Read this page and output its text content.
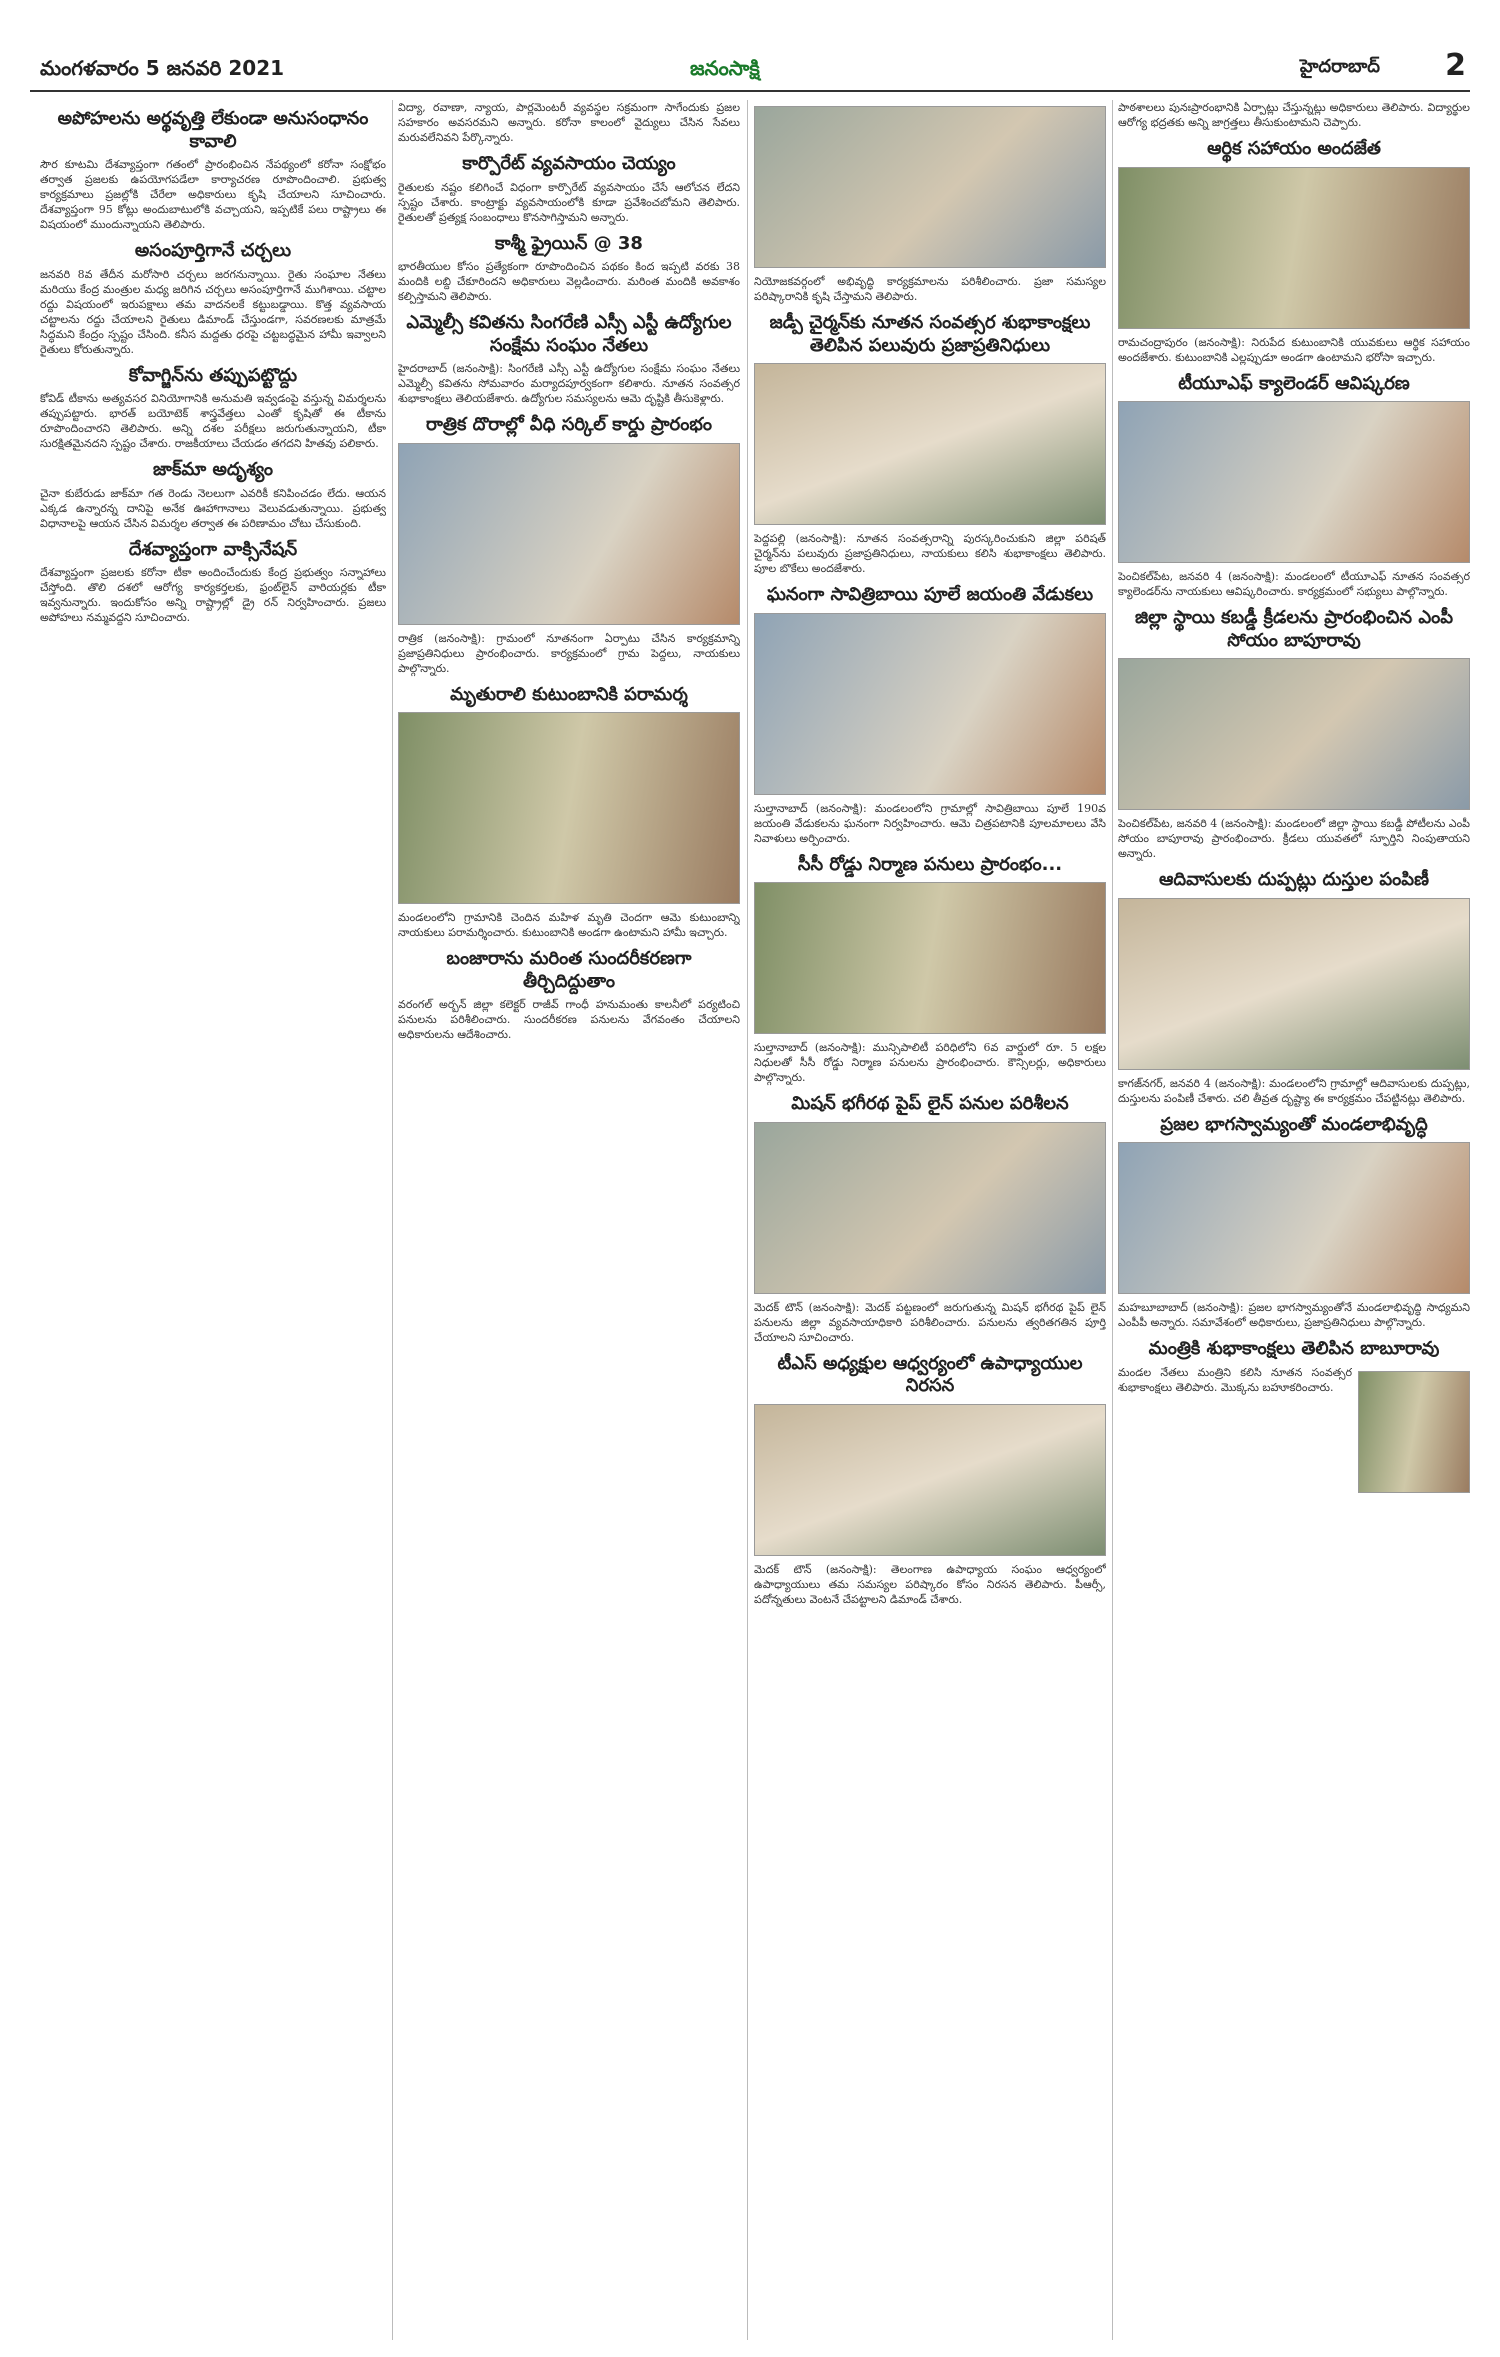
మంగళవారం 5 జనవరి 2021	జనంసాక్షి	హైదరాబాద్ 2
అపోహలను అర్థవృత్తి లేకుండా అనుసంధానం కావాలి
సౌర కూటమి దేశవ్యాప్తంగా గతంలో ప్రారంభించిన నేపథ్యంలో కరోనా సంక్షోభం తర్వాత ప్రజలకు ఉపయోగపడేలా కార్యాచరణ రూపొందించాలి. ప్రభుత్వ కార్యక్రమాలు ప్రజల్లోకి చేరేలా అధికారులు కృషి చేయాలని సూచించారు. దేశవ్యాప్తంగా 95 కోట్లు అందుబాటులోకి వచ్చాయని, ఇప్పటికే పలు రాష్ట్రాలు ఈ విషయంలో ముందున్నాయని తెలిపారు.
అసంపూర్తిగానే చర్చలు
జనవరి 8వ తేదీన మరోసారి చర్చలు జరగనున్నాయి. రైతు సంఘాల నేతలు మరియు కేంద్ర మంత్రుల మధ్య జరిగిన చర్చలు అసంపూర్తిగానే ముగిశాయి. చట్టాల రద్దు విషయంలో ఇరుపక్షాలు తమ వాదనలకే కట్టుబడ్డాయి. కొత్త వ్యవసాయ చట్టాలను రద్దు చేయాలని రైతులు డిమాండ్ చేస్తుండగా, సవరణలకు మాత్రమే సిద్ధమని కేంద్రం స్పష్టం చేసింది. కనీస మద్దతు ధరపై చట్టబద్ధమైన హామీ ఇవ్వాలని రైతులు కోరుతున్నారు.
కోవాగ్జిన్‌ను తప్పుపట్టొద్దు
కోవిడ్ టీకాను అత్యవసర వినియోగానికి అనుమతి ఇవ్వడంపై వస్తున్న విమర్శలను తప్పుపట్టారు. భారత్ బయోటెక్ శాస్త్రవేత్తలు ఎంతో కృషితో ఈ టీకాను రూపొందించారని తెలిపారు. అన్ని దశల పరీక్షలు జరుగుతున్నాయని, టీకా సురక్షితమైనదని స్పష్టం చేశారు. రాజకీయాలు చేయడం తగదని హితవు పలికారు.
జాక్‌మా అదృశ్యం
చైనా కుబేరుడు జాక్‌మా గత రెండు నెలలుగా ఎవరికీ కనిపించడం లేదు. ఆయన ఎక్కడ ఉన్నారన్న దానిపై అనేక ఊహాగానాలు వెలువడుతున్నాయి. ప్రభుత్వ విధానాలపై ఆయన చేసిన విమర్శల తర్వాత ఈ పరిణామం చోటు చేసుకుంది.
దేశవ్యాప్తంగా వాక్సినేషన్
దేశవ్యాప్తంగా ప్రజలకు కరోనా టీకా అందించేందుకు కేంద్ర ప్రభుత్వం సన్నాహాలు చేస్తోంది. తొలి దశలో ఆరోగ్య కార్యకర్తలకు, ఫ్రంట్‌లైన్ వారియర్లకు టీకా ఇవ్వనున్నారు. ఇందుకోసం అన్ని రాష్ట్రాల్లో డ్రై రన్ నిర్వహించారు. ప్రజలు అపోహలు నమ్మవద్దని సూచించారు.
విద్యా, రవాణా, న్యాయ, పార్లమెంటరీ వ్యవస్థల సక్రమంగా సాగేందుకు ప్రజల సహకారం అవసరమని అన్నారు. కరోనా కాలంలో వైద్యులు చేసిన సేవలు మరువలేనివని పేర్కొన్నారు.
కార్పొరేట్ వ్యవసాయం చెయ్యం
రైతులకు నష్టం కలిగించే విధంగా కార్పొరేట్ వ్యవసాయం చేసే ఆలోచన లేదని స్పష్టం చేశారు. కాంట్రాక్టు వ్యవసాయంలోకి కూడా ప్రవేశించబోమని తెలిపారు. రైతులతో ప్రత్యక్ష సంబంధాలు కొనసాగిస్తామని అన్నారు.
కాశ్మీ ఫ్రైయిన్ @ 38
భారతీయుల కోసం ప్రత్యేకంగా రూపొందించిన పథకం కింద ఇప్పటి వరకు 38 మందికి లబ్ది చేకూరిందని అధికారులు వెల్లడించారు. మరింత మందికి అవకాశం కల్పిస్తామని తెలిపారు.
ఎమ్మెల్సీ కవితను సింగరేణి ఎస్సీ ఎస్టీ ఉద్యోగుల సంక్షేమ సంఘం నేతలు
హైదరాబాద్ (జనంసాక్షి): సింగరేణి ఎస్సీ ఎస్టీ ఉద్యోగుల సంక్షేమ సంఘం నేతలు ఎమ్మెల్సీ కవితను సోమవారం మర్యాదపూర్వకంగా కలిశారు. నూతన సంవత్సర శుభాకాంక్షలు తెలియజేశారు. ఉద్యోగుల సమస్యలను ఆమె దృష్టికి తీసుకెళ్లారు.
రాత్రిక దొరాల్లో వీధి సర్కిల్ కార్డు ప్రారంభం
రాత్రిక (జనంసాక్షి): గ్రామంలో నూతనంగా ఏర్పాటు చేసిన కార్యక్రమాన్ని ప్రజాప్రతినిధులు ప్రారంభించారు. కార్యక్రమంలో గ్రామ పెద్దలు, నాయకులు పాల్గొన్నారు.
మృతురాలి కుటుంబానికి పరామర్శ
మండలంలోని గ్రామానికి చెందిన మహిళ మృతి చెందగా ఆమె కుటుంబాన్ని నాయకులు పరామర్శించారు. కుటుంబానికి అండగా ఉంటామని హామీ ఇచ్చారు.
బంజారాను మరింత సుందరీకరణగా తీర్చిదిద్దుతాం
వరంగల్ అర్బన్ జిల్లా కలెక్టర్ రాజీవ్ గాంధీ హనుమంతు కాలనీలో పర్యటించి పనులను పరిశీలించారు. సుందరీకరణ పనులను వేగవంతం చేయాలని అధికారులను ఆదేశించారు.
నియోజకవర్గంలో అభివృద్ధి కార్యక్రమాలను పరిశీలించారు. ప్రజా సమస్యల పరిష్కారానికి కృషి చేస్తామని తెలిపారు.
జడ్పీ చైర్మన్‌కు నూతన సంవత్సర శుభాకాంక్షలు తెలిపిన పలువురు ప్రజాప్రతినిధులు
పెద్దపల్లి (జనంసాక్షి): నూతన సంవత్సరాన్ని పురస్కరించుకుని జిల్లా పరిషత్ చైర్మన్‌ను పలువురు ప్రజాప్రతినిధులు, నాయకులు కలిసి శుభాకాంక్షలు తెలిపారు. పూల బొకేలు అందజేశారు.
ఘనంగా సావిత్రిబాయి పూలే జయంతి వేడుకలు
సుల్తానాబాద్ (జనంసాక్షి): మండలంలోని గ్రామాల్లో సావిత్రిబాయి పూలే 190వ జయంతి వేడుకలను ఘనంగా నిర్వహించారు. ఆమె చిత్రపటానికి పూలమాలలు వేసి నివాళులు అర్పించారు.
సీసీ రోడ్డు నిర్మాణ పనులు ప్రారంభం...
సుల్తానాబాద్ (జనంసాక్షి): మున్సిపాలిటీ పరిధిలోని 6వ వార్డులో రూ. 5 లక్షల నిధులతో సీసీ రోడ్డు నిర్మాణ పనులను ప్రారంభించారు. కౌన్సిలర్లు, అధికారులు పాల్గొన్నారు.
మిషన్ భగీరథ పైప్ లైన్ పనుల పరిశీలన
మెదక్ టౌన్ (జనంసాక్షి): మెదక్ పట్టణంలో జరుగుతున్న మిషన్ భగీరథ పైప్ లైన్ పనులను జిల్లా వ్యవసాయాధికారి పరిశీలించారు. పనులను త్వరితగతిన పూర్తి చేయాలని సూచించారు.
టీఎస్ అధ్యక్షుల ఆధ్వర్యంలో ఉపాధ్యాయుల నిరసన
మెదక్ టౌన్ (జనంసాక్షి): తెలంగాణ ఉపాధ్యాయ సంఘం ఆధ్వర్యంలో ఉపాధ్యాయులు తమ సమస్యల పరిష్కారం కోసం నిరసన తెలిపారు. పీఆర్సీ, పదోన్నతులు వెంటనే చేపట్టాలని డిమాండ్ చేశారు.
పాఠశాలలు పునఃప్రారంభానికి ఏర్పాట్లు చేస్తున్నట్లు అధికారులు తెలిపారు. విద్యార్థుల ఆరోగ్య భద్రతకు అన్ని జాగ్రత్తలు తీసుకుంటామని చెప్పారు.
ఆర్థిక సహాయం అందజేత
రామచంద్రాపురం (జనంసాక్షి): నిరుపేద కుటుంబానికి యువకులు ఆర్థిక సహాయం అందజేశారు. కుటుంబానికి ఎల్లప్పుడూ అండగా ఉంటామని భరోసా ఇచ్చారు.
టీయూఎఫ్ క్యాలెండర్ ఆవిష్కరణ
పెంచికల్‌పేట, జనవరి 4 (జనంసాక్షి): మండలంలో టీయూఎఫ్ నూతన సంవత్సర క్యాలెండర్‌ను నాయకులు ఆవిష్కరించారు. కార్యక్రమంలో సభ్యులు పాల్గొన్నారు.
జిల్లా స్థాయి కబడ్డీ క్రీడలను ప్రారంభించిన ఎంపీ సోయం బాపూరావు
పెంచికల్‌పేట, జనవరి 4 (జనంసాక్షి): మండలంలో జిల్లా స్థాయి కబడ్డీ పోటీలను ఎంపీ సోయం బాపూరావు ప్రారంభించారు. క్రీడలు యువతలో స్ఫూర్తిని నింపుతాయని అన్నారు.
ఆదివాసులకు దుప్పట్లు దుస్తుల పంపిణీ
కాగజ్‌నగర్, జనవరి 4 (జనంసాక్షి): మండలంలోని గ్రామాల్లో ఆదివాసులకు దుప్పట్లు, దుస్తులను పంపిణీ చేశారు. చలి తీవ్రత దృష్ట్యా ఈ కార్యక్రమం చేపట్టినట్లు తెలిపారు.
ప్రజల భాగస్వామ్యంతో మండలాభివృద్ధి
మహబూబాబాద్ (జనంసాక్షి): ప్రజల భాగస్వామ్యంతోనే మండలాభివృద్ధి సాధ్యమని ఎంపీపీ అన్నారు. సమావేశంలో అధికారులు, ప్రజాప్రతినిధులు పాల్గొన్నారు.
మంత్రికి శుభాకాంక్షలు తెలిపిన బాబూరావు
మండల నేతలు మంత్రిని కలిసి నూతన సంవత్సర శుభాకాంక్షలు తెలిపారు. మొక్కను బహూకరించారు.
